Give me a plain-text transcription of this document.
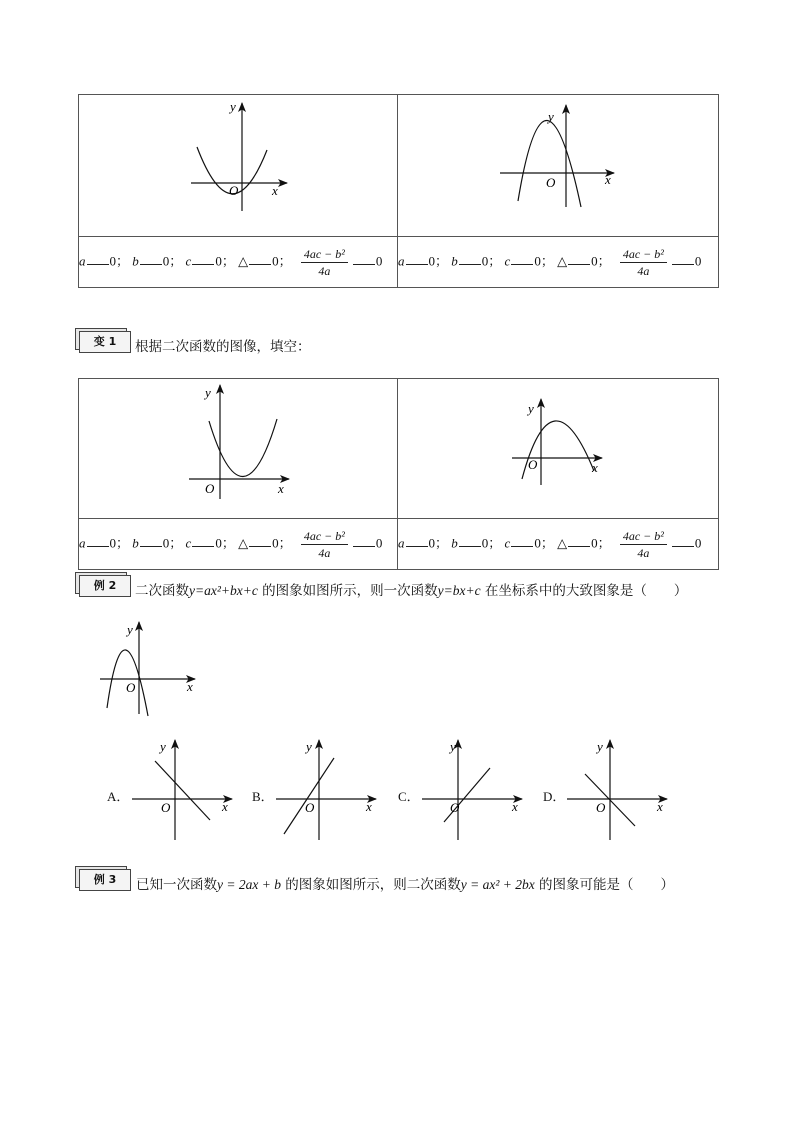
x
y
O	x
y
O

a 0； b 0； c 0； △ 0； $\frac{\text{4ac − b²}}{4a} 0$	a 0； b 0； c 0； △ 0； $\frac{\text{4ac − b²}}{4a} 0$
变 1	根据二次函数的图像，填空：
x
y
O	x
y
O

a 0； b 0； c 0； △ 0； $\frac{\text{4ac − b²}}{4a} 0$	a 0； b 0； c 0； △ 0； $\frac{\text{4ac − b²}}{4a} 0$
例 2	二次函数y=ax²+bx+c 的图象如图所示，则一次函数y=bx+c 在坐标系中的大致图象是（　　）
x
y
O
A．
x
y
O
B．
x
y
O
C．
x
y
O
D．
x
y
O
例 3	已知一次函数y = 2ax + b 的图象如图所示，则二次函数y = ax² + 2bx 的图象可能是（　　）
